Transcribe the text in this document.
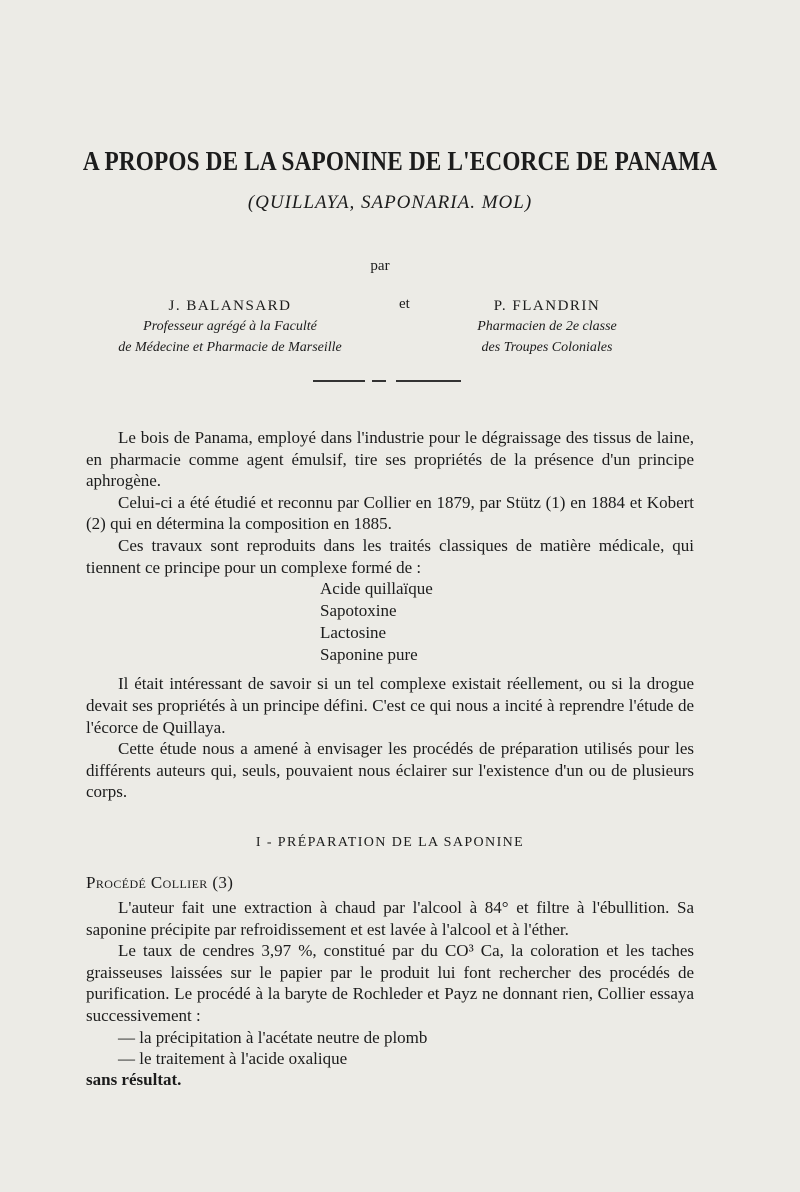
A PROPOS DE LA SAPONINE DE L'ECORCE DE PANAMA
(QUILLAYA, SAPONARIA. MOL)
par
J. BALANSARD
Professeur agrégé à la Faculté
de Médecine et Pharmacie de Marseille
et	P. FLANDRIN
Pharmacien de 2e classe
des Troupes Coloniales

Le bois de Panama, employé dans l'industrie pour le dégraissage des tissus de laine, en pharmacie comme agent émulsif, tire ses propriétés de la présence d'un principe aphrogène.

Celui-ci a été étudié et reconnu par Collier en 1879, par Stütz (1) en 1884 et Kobert (2) qui en détermina la composition en 1885.

Ces travaux sont reproduits dans les traités classiques de matière médicale, qui tiennent ce principe pour un complexe formé de :

Acide quillaïque
Sapotoxine
Lactosine
Saponine pure

Il était intéressant de savoir si un tel complexe existait réellement, ou si la drogue devait ses propriétés à un principe défini. C'est ce qui nous a incité à reprendre l'étude de l'écorce de Quillaya.

Cette étude nous a amené à envisager les procédés de préparation utilisés pour les différents auteurs qui, seuls, pouvaient nous éclairer sur l'existence d'un ou de plusieurs corps.

I - PRÉPARATION DE LA SAPONINE
Procédé Collier (3)

L'auteur fait une extraction à chaud par l'alcool à 84° et filtre à l'ébullition. Sa saponine précipite par refroidissement et est lavée à l'alcool et à l'éther.

Le taux de cendres 3,97 %, constitué par du CO³ Ca, la coloration et les taches graisseuses laissées sur le papier par le produit lui font rechercher des procédés de purification. Le procédé à la baryte de Rochleder et Payz ne donnant rien, Collier essaya successivement :

— la précipitation à l'acétate neutre de plomb
— le traitement à l'acide oxalique
sans résultat.
